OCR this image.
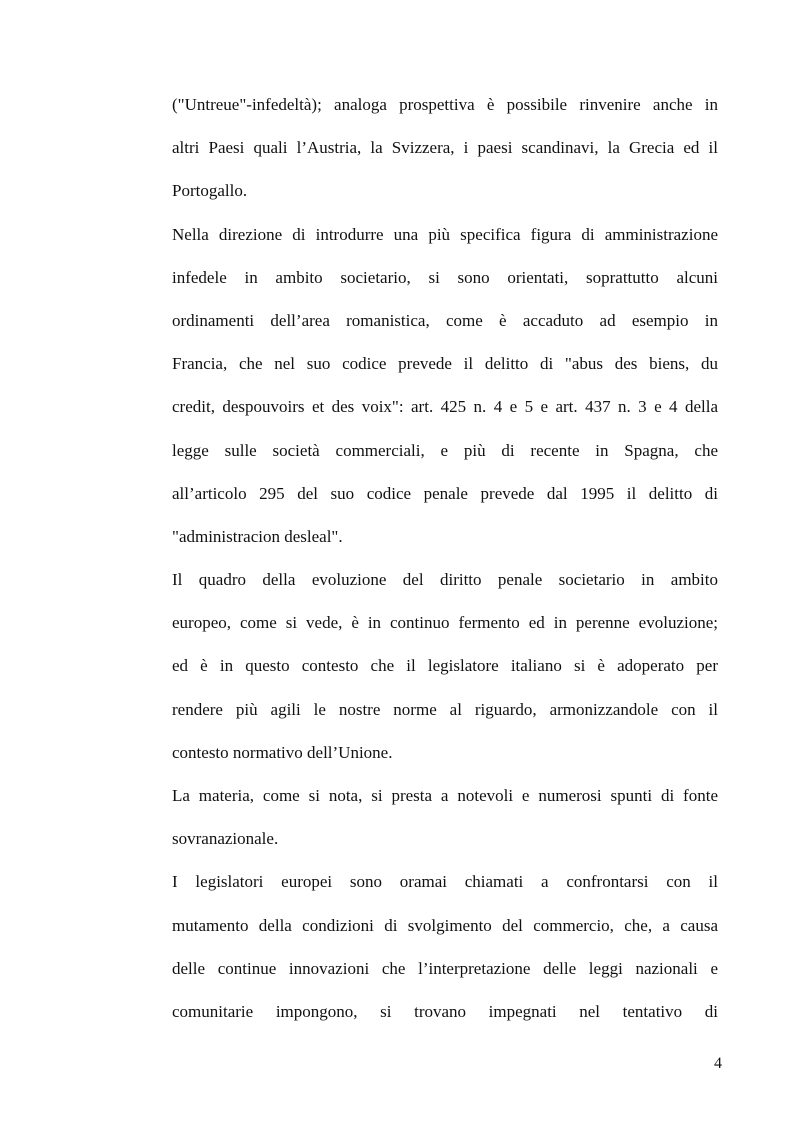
("Untreue"-infedeltà); analoga prospettiva è possibile rinvenire anche in
altri Paesi quali l’Austria, la Svizzera, i paesi scandinavi, la Grecia ed il
Portogallo.
Nella direzione di introdurre una più specifica figura di amministrazione
infedele in ambito societario, si sono orientati, soprattutto alcuni
ordinamenti dell’area romanistica, come è accaduto ad esempio in
Francia, che nel suo codice prevede il delitto di "abus des biens, du
credit, despouvoirs et des voix": art. 425 n. 4 e 5 e art. 437 n. 3 e 4 della
legge sulle società commerciali, e più di recente in Spagna, che
all’articolo 295 del suo codice penale prevede dal 1995 il delitto di
"administracion desleal".
Il quadro della evoluzione del diritto penale societario in ambito
europeo, come si vede, è in continuo fermento ed in perenne evoluzione;
ed è in questo contesto che il legislatore italiano si è adoperato per
rendere più agili le nostre norme al riguardo, armonizzandole con il
contesto normativo dell’Unione.
La materia, come si nota, si presta a notevoli e numerosi spunti di fonte
sovranazionale.
I legislatori europei sono oramai chiamati a confrontarsi con il
mutamento della condizioni di svolgimento del commercio, che, a causa
delle continue innovazioni che l’interpretazione delle leggi nazionali e
comunitarie impongono, si trovano impegnati nel tentativo di
4
